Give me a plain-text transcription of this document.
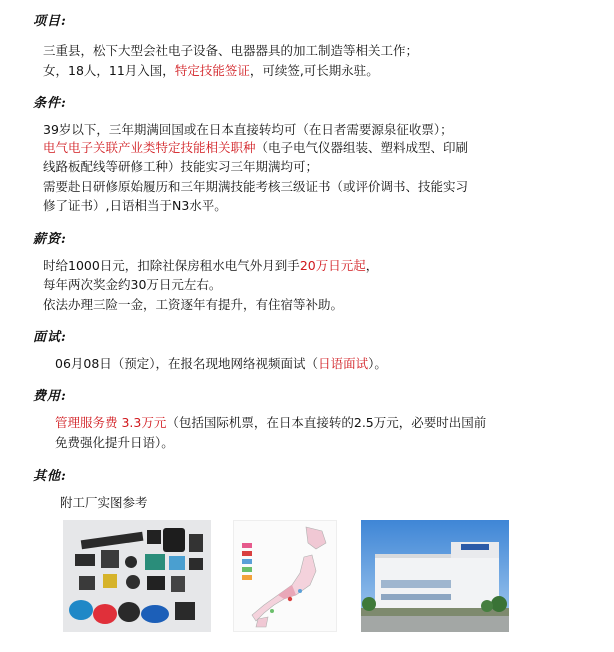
项目 :
三重县，松下大型会社电子设备、电器器具的加工制造等相关工作；
女，18人，11月入国，特定技能签证，可续签,可长期永驻。
条件 :
39岁以下，三年期满回国或在日本直接转均可（在日者需要源泉征收票）；
电气电子关联产业类特定技能相关职种（电子电气仪器组装、塑料成型、印刷
线路板配线等研修工种）技能实习三年期满均可；
需要赴日研修原始履历和三年期满技能考核三级证书（或评价调书、技能实习
修了证书）,日语相当于N3水平。
薪资 :
时给1000日元，扣除社保房租水电气外月到手20万日元起，
每年两次奖金约30万日元左右。
依法办理三险一金，工资逐年有提升，有住宿等补助。
面试 :
06月08日（预定），在报名现地网络视频面试（日语面试）。
费用 :
管理服务费 3.3万元（包括国际机票，在日本直接转的2.5万元，必要时出国前
免费强化提升日语）。
其他 :
附工厂实图参考
